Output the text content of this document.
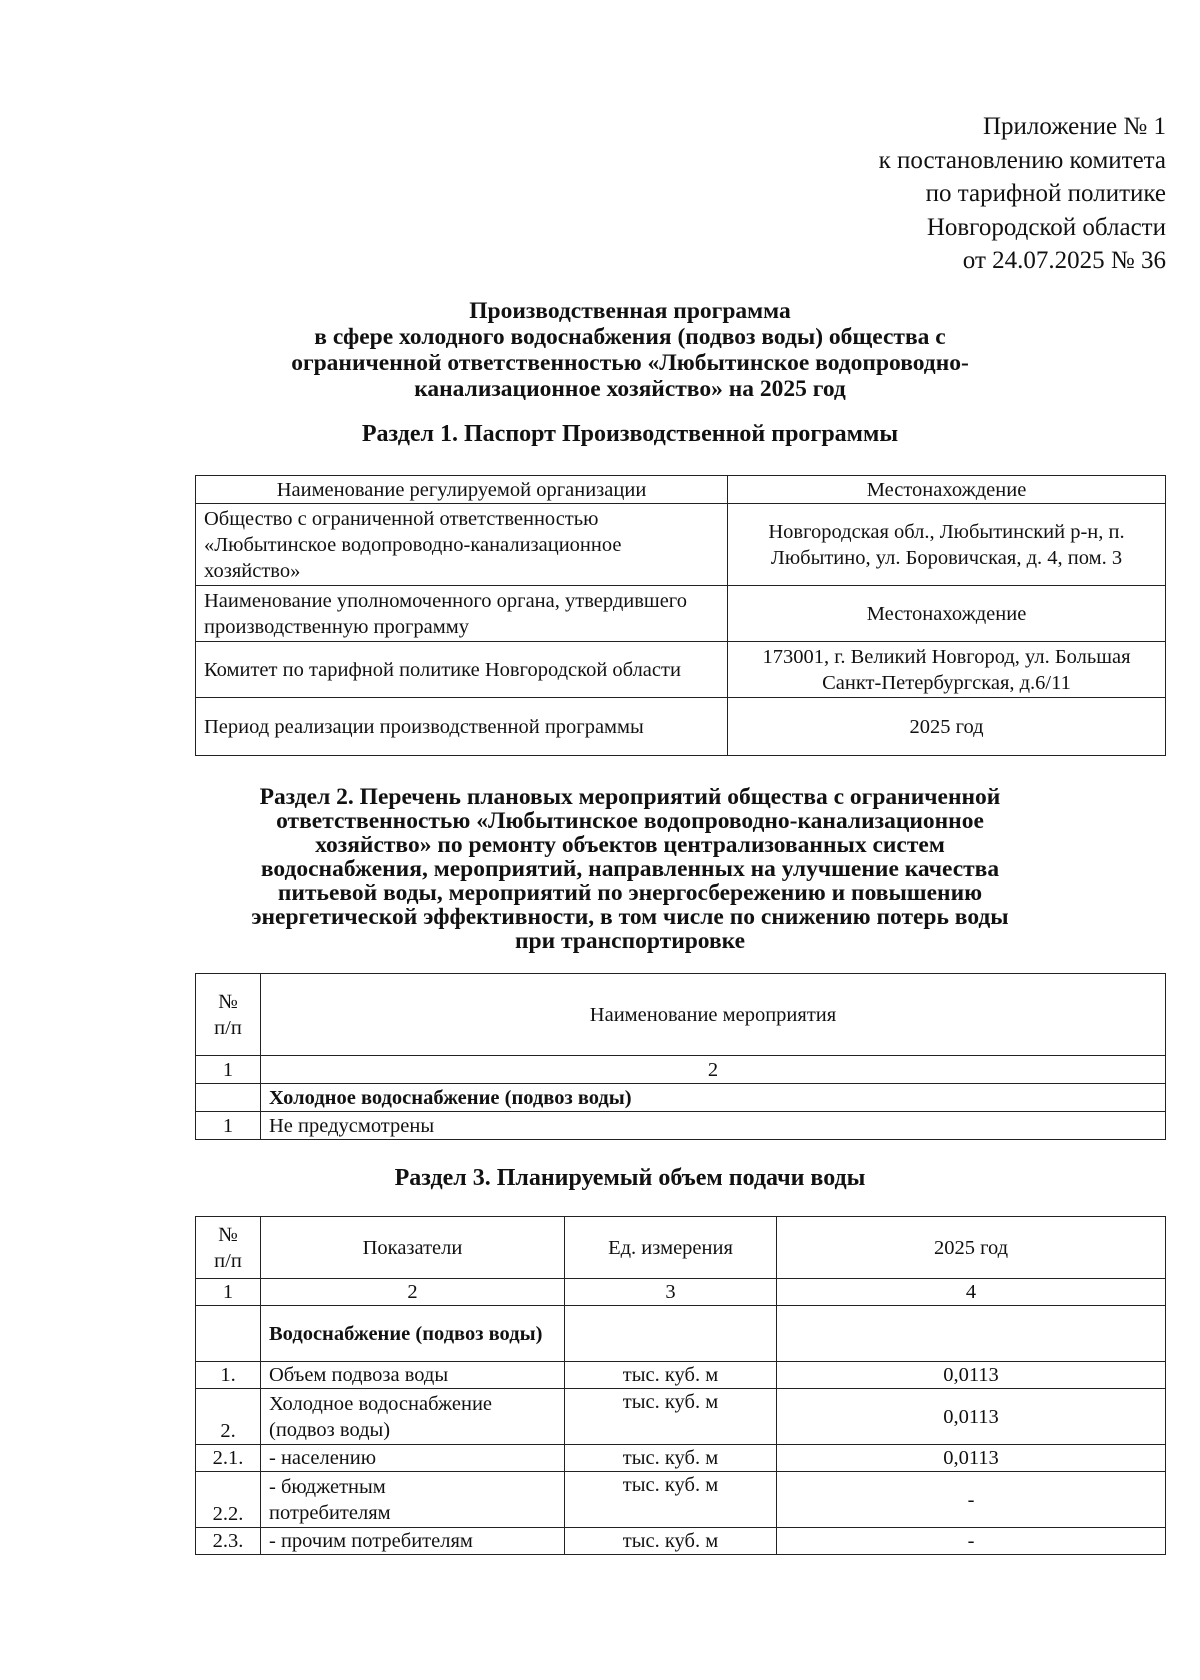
Приложение № 1
к постановлению комитета
по тарифной политике
Новгородской области
от 24.07.2025 № 36
Производственная программа
в сфере холодного водоснабжения (подвоз воды) общества с
ограниченной ответственностью «Любытинское водопроводно-
канализационное хозяйство» на 2025 год
Раздел 1. Паспорт Производственной программы
Наименование регулируемой организации	Местонахождение
Общество с ограниченной ответственностью «Любытинское водопроводно-канализационное хозяйство»	Новгородская обл., Любытинский р-н, п. Любытино, ул. Боровичская, д. 4, пом. 3
Наименование уполномоченного органа, утвердившего производственную программу	Местонахождение
Комитет по тарифной политике Новгородской области	173001, г. Великий Новгород, ул. Большая Санкт-Петербургская, д.6/11
Период реализации производственной программы	2025 год
Раздел 2. Перечень плановых мероприятий общества с ограниченной
ответственностью «Любытинское водопроводно-канализационное
хозяйство» по ремонту объектов централизованных систем
водоснабжения, мероприятий, направленных на улучшение качества
питьевой воды, мероприятий по энергосбережению и повышению
энергетической эффективности, в том числе по снижению потерь воды
при транспортировке
№ п/п	Наименование мероприятия
1	2
	Холодное водоснабжение (подвоз воды)
1	Не предусмотрены
Раздел 3. Планируемый объем подачи воды
№ п/п	Показатели	Ед. измерения	2025 год
1	2	3	4
	Водоснабжение (подвоз воды)		
1.	Объем подвоза воды	тыс. куб. м	0,0113
2.	Холодное водоснабжение (подвоз воды)	тыс. куб. м	0,0113
2.1.	- населению	тыс. куб. м	0,0113
2.2.	- бюджетным потребителям	тыс. куб. м	-
2.3.	- прочим потребителям	тыс. куб. м	-
